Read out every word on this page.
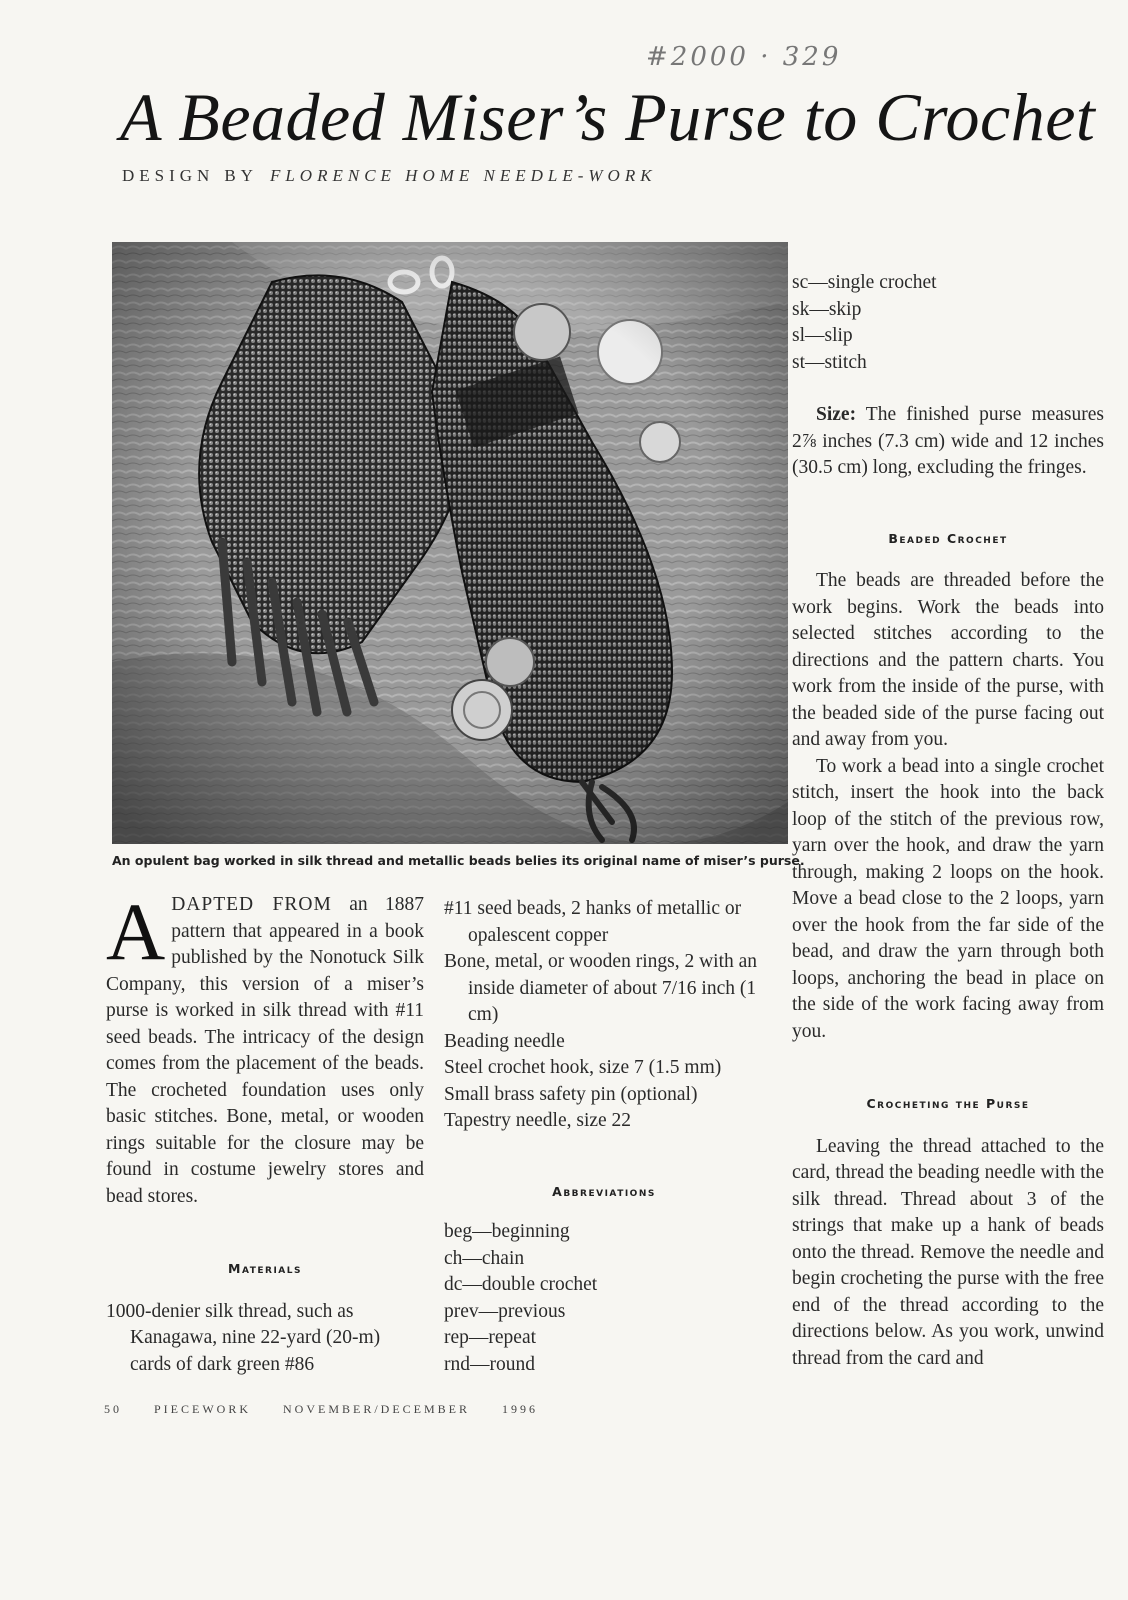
#2000 · 329
A Beaded Miser’s Purse to Crochet
DESIGN BY FLORENCE HOME NEEDLE-WORK
An opulent bag worked in silk thread and metallic beads belies its original name of miser’s purse.

ADAPTED FROM an 1887 pattern that appeared in a book published by the Nonotuck Silk Company, this version of a miser’s purse is worked in silk thread with #11 seed beads. The intricacy of the design comes from the placement of the beads. The crocheted foundation uses only basic stitches. Bone, metal, or wooden rings suitable for the closure may be found in costume jewelry stores and bead stores.

Materials

1000-denier silk thread, such as Kanagawa, nine 22-yard (20-m) cards of dark green #86

#11 seed beads, 2 hanks of metallic or opalescent copper

Bone, metal, or wooden rings, 2 with an inside diameter of about 7/16 inch (1 cm)

Beading needle

Steel crochet hook, size 7 (1.5 mm)

Small brass safety pin (optional)

Tapestry needle, size 22

Abbreviations
beg—beginning
ch—chain
dc—double crochet
prev—previous
rep—repeat
rnd—round
sc—single crochet
sk—skip
sl—slip
st—stitch

Size: The finished purse measures 2⅞ inches (7.3 cm) wide and 12 inches (30.5 cm) long, excluding the fringes.

Beaded Crochet

The beads are threaded before the work begins. Work the beads into selected stitches according to the directions and the pattern charts. You work from the inside of the purse, with the beaded side of the purse facing out and away from you.

To work a bead into a single crochet stitch, insert the hook into the back loop of the stitch of the previous row, yarn over the hook, and draw the yarn through, making 2 loops on the hook. Move a bead close to the 2 loops, yarn over the hook from the far side of the bead, and draw the yarn through both loops, anchoring the bead in place on the side of the work facing away from you.

Crocheting the Purse

Leaving the thread attached to the card, thread the beading needle with the silk thread. Thread about 3 of the strings that make up a hank of beads onto the thread. Remove the needle and begin crocheting the purse with the free end of the thread according to the directions below. As you work, unwind thread from the card and

50	PIECEWORK	NOVEMBER/DECEMBER	1996
